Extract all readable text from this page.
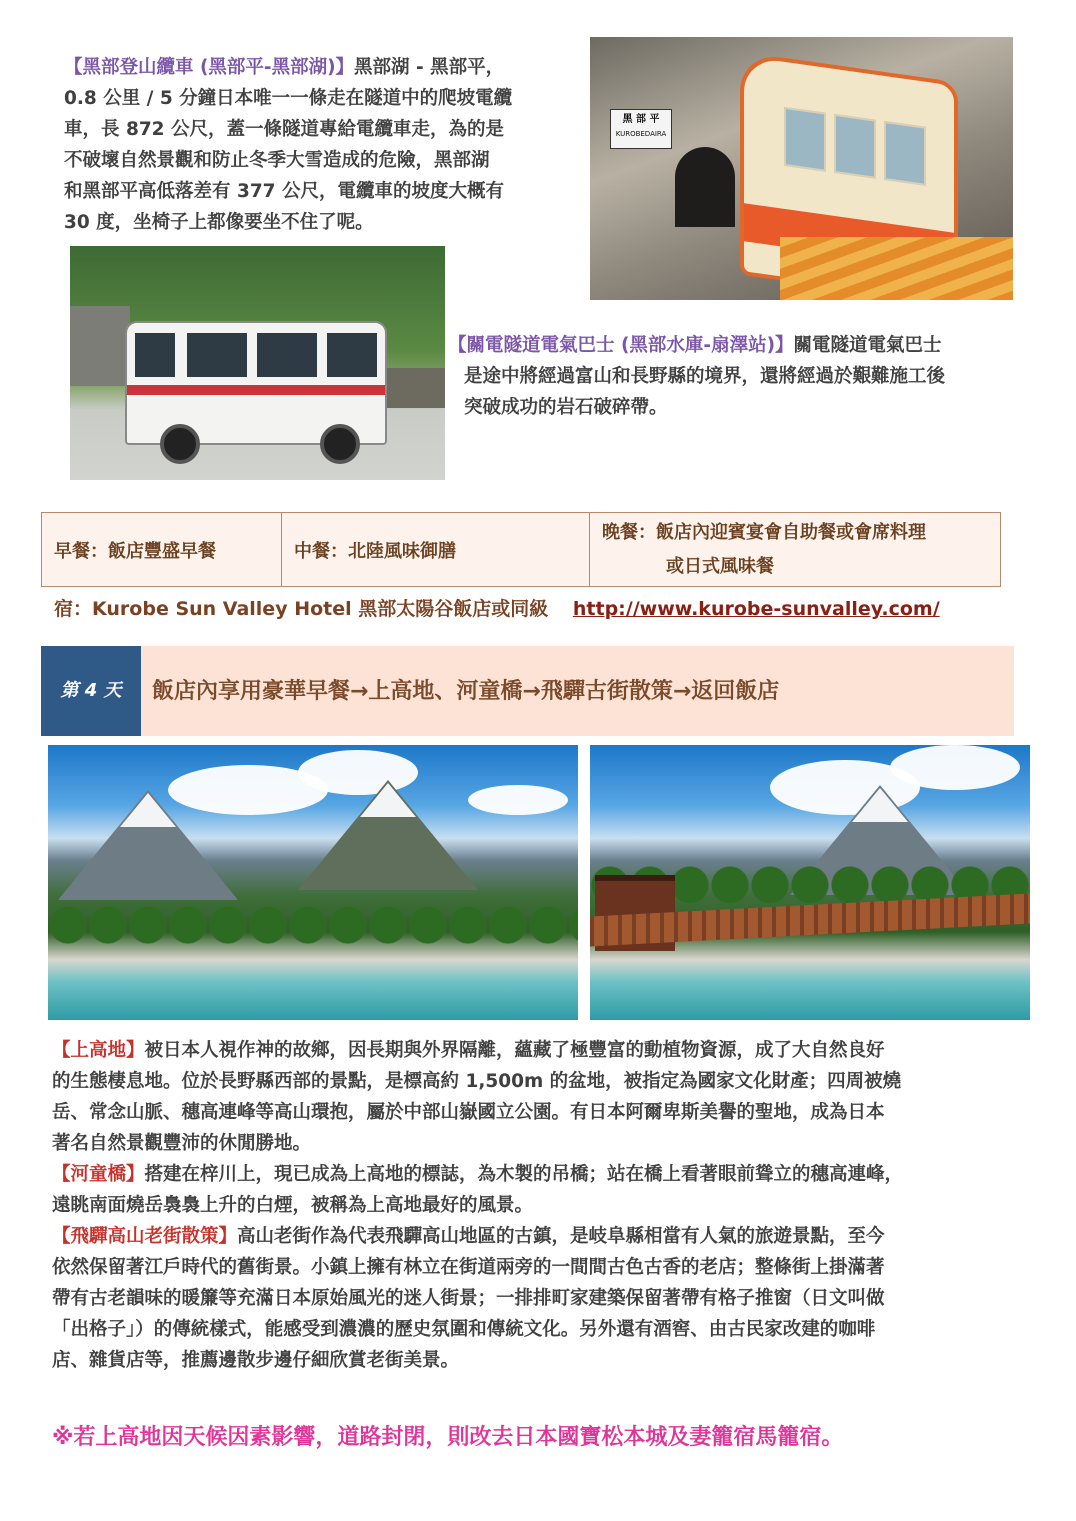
【黑部登山纜車 (黑部平-黑部湖)】黑部湖 - 黑部平，
0.8 公里 / 5 分鐘日本唯一一條走在隧道中的爬坡電纜
車，長 872 公尺，蓋一條隧道專給電纜車走，為的是
不破壞自然景觀和防止冬季大雪造成的危險，黑部湖
和黑部平高低落差有 377 公尺，電纜車的坡度大概有
30 度，坐椅子上都像要坐不住了呢。
黑 部 平
KUROBEDAIRA
【關電隧道電氣巴士 (黑部水庫-扇澤站)】關電隧道電氣巴士
是途中將經過富山和長野縣的境界，還將經過於艱難施工後
突破成功的岩石破碎帶。
早餐：飯店豐盛早餐	中餐：北陸風味御膳	
晚餐：飯店內迎賓宴會自助餐或會席料理
或日式風味餐
宿：Kurobe Sun Valley Hotel 黑部太陽谷飯店或同級 http://www.kurobe-sunvalley.com/
第 4 天	飯店內享用豪華早餐→上高地、河童橋→飛驒古街散策→返回飯店
【上高地】被日本人視作神的故鄉，因長期與外界隔離，蘊藏了極豐富的動植物資源，成了大自然良好
的生態棲息地。位於長野縣西部的景點，是標高約 1,500m 的盆地，被指定為國家文化財產；四周被燒
岳、常念山脈、穗高連峰等高山環抱，屬於中部山嶽國立公園。有日本阿爾卑斯美譽的聖地，成為日本
著名自然景觀豐沛的休閒勝地。
【河童橋】搭建在梓川上，現已成為上高地的標誌，為木製的吊橋；站在橋上看著眼前聳立的穗高連峰，
遠眺南面燒岳裊裊上升的白煙，被稱為上高地最好的風景。
【飛驒高山老街散策】高山老街作為代表飛驒高山地區的古鎮，是岐阜縣相當有人氣的旅遊景點，至今
依然保留著江戶時代的舊街景。小鎮上擁有林立在街道兩旁的一間間古色古香的老店；整條街上掛滿著
帶有古老韻味的暖簾等充滿日本原始風光的迷人街景；一排排町家建築保留著帶有格子推窗（日文叫做
「出格子」）的傳統樣式，能感受到濃濃的歷史氛圍和傳統文化。另外還有酒窖、由古民家改建的咖啡
店、雜貨店等，推薦邊散步邊仔細欣賞老街美景。
※若上高地因天候因素影響，道路封閉，則改去日本國寶松本城及妻籠宿馬籠宿。
